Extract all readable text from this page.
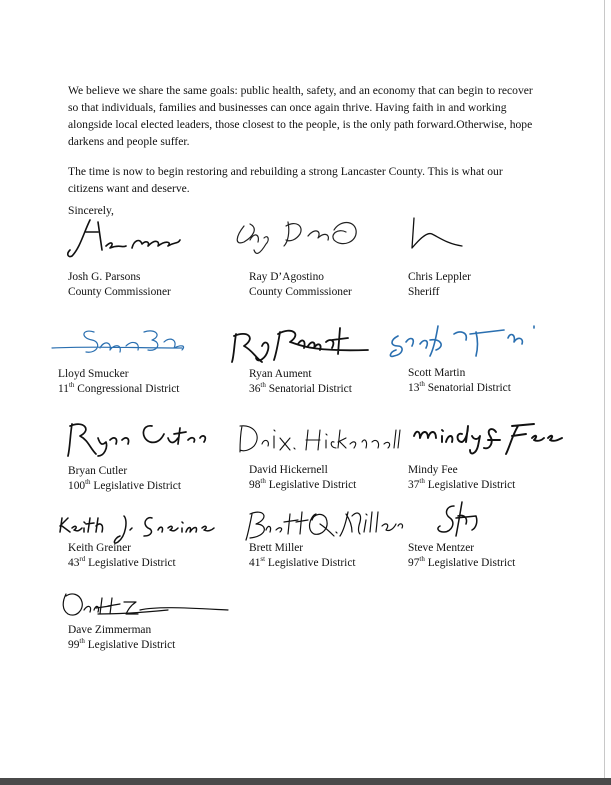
We believe we share the same goals: public health, safety, and an economy that can begin to recover so that individuals, families and businesses can once again thrive. Having faith in and working alongside local elected leaders, those closest to the people, is the only path forward.Otherwise, hope darkens and people suffer.

The time is now to begin restoring and rebuilding a strong Lancaster County. This is what our citizens want and deserve.

Sincerely,
Josh G. Parsons
County Commissioner
Ray D’Agostino
County Commissioner
Chris Leppler
Sheriff
Lloyd Smucker
11th Congressional District
Ryan Aument
36th Senatorial District
Scott Martin
13th Senatorial District
Bryan Cutler
100th Legislative District
David Hickernell
98th Legislative District
Mindy Fee
37th Legislative District
Keith Greiner
43rd Legislative District
Brett Miller
41st Legislative District
Steve Mentzer
97th Legislative District
Dave Zimmerman
99th Legislative District
